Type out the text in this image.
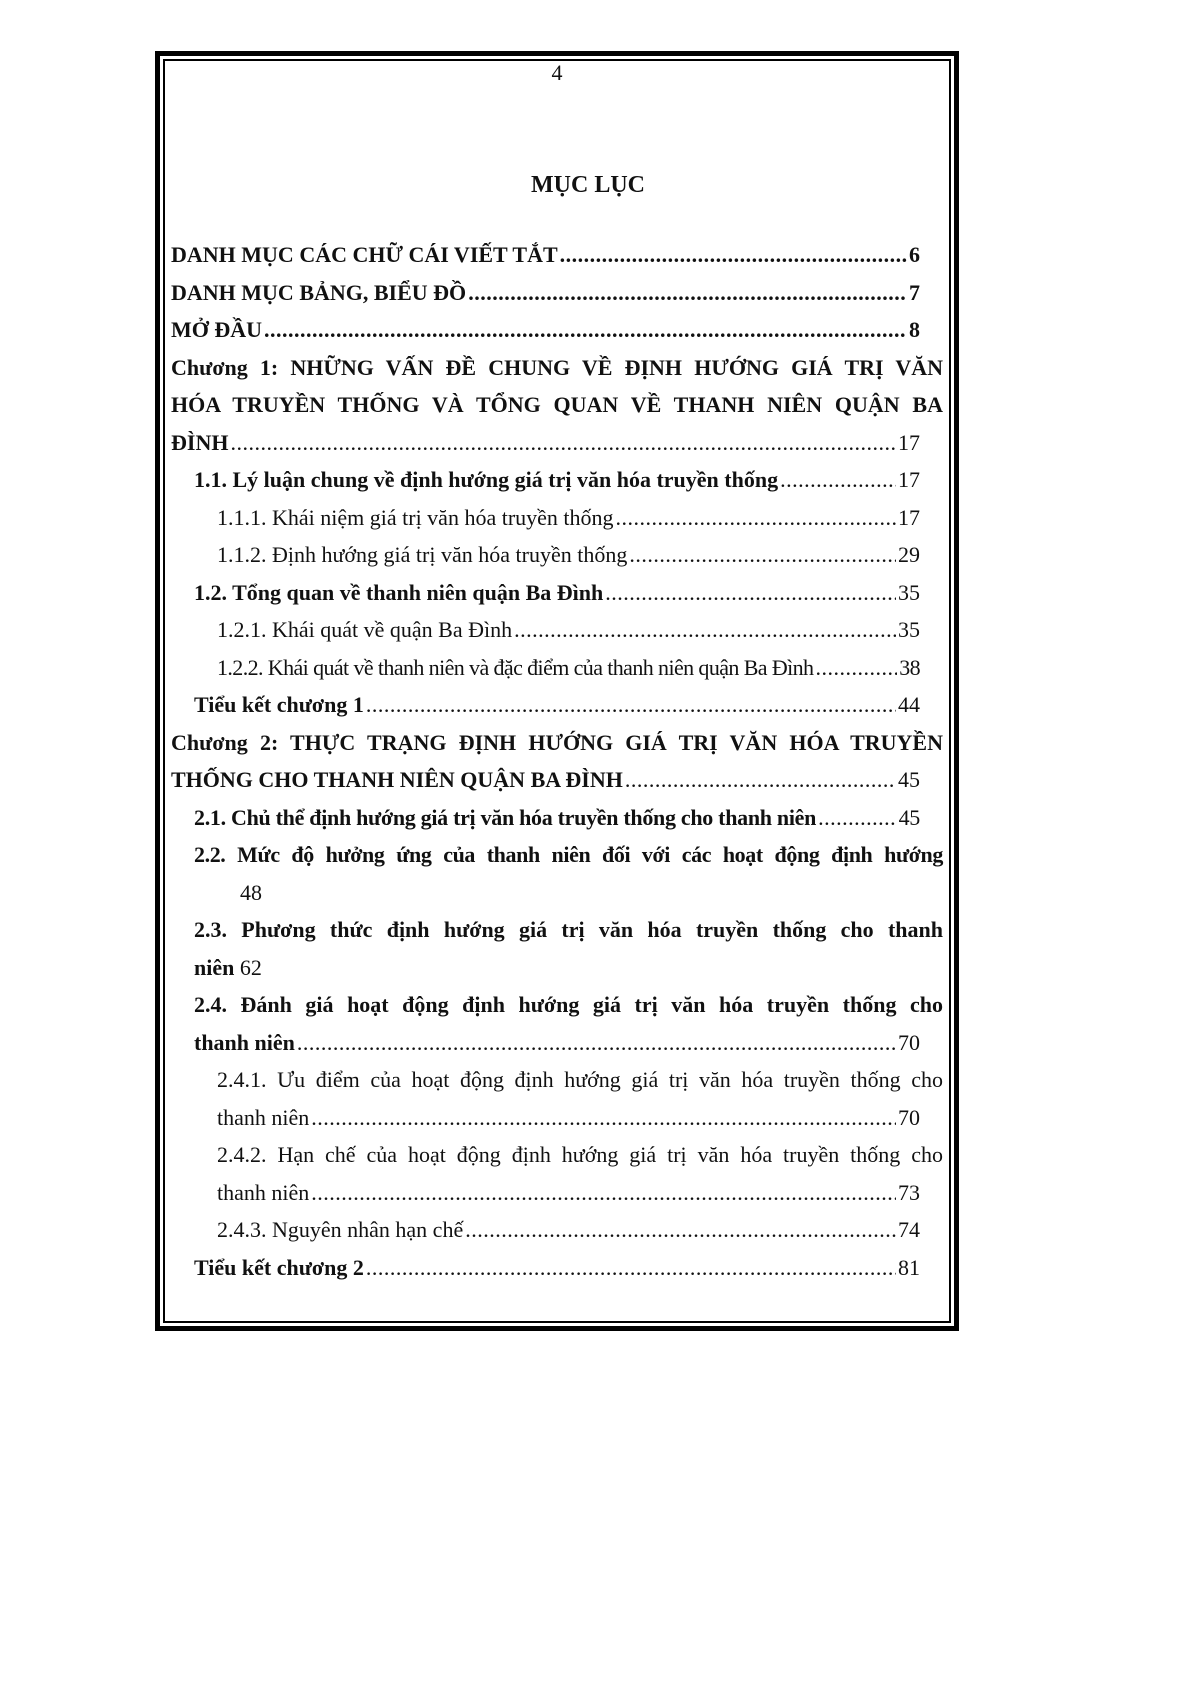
4
MỤC LỤC
DANH MỤC CÁC CHỮ CÁI VIẾT TẮT .....	6
DANH MỤC BẢNG, BIỂU ĐỒ .....	7
MỞ ĐẦU .....	8
Chương 1: NHỮNG VẤN ĐỀ CHUNG VỀ ĐỊNH HƯỚNG GIÁ TRỊ VĂN
HÓA TRUYỀN THỐNG VÀ TỔNG QUAN VỀ THANH NIÊN QUẬN BA
ĐÌNH .....	17
1.1. Lý luận chung về định hướng giá trị văn hóa truyền thống .....	17
1.1.1. Khái niệm giá trị văn hóa truyền thống .....	17
1.1.2. Định hướng giá trị văn hóa truyền thống .....	29
1.2. Tổng quan về thanh niên quận Ba Đình .....	35
1.2.1. Khái quát về quận Ba Đình .....	35
1.2.2. Khái quát về thanh niên và đặc điểm của thanh niên quận Ba Đình .....	38
Tiểu kết chương 1 .....	44
Chương 2: THỰC TRẠNG ĐỊNH HƯỚNG GIÁ TRỊ VĂN HÓA TRUYỀN
THỐNG CHO THANH NIÊN QUẬN BA ĐÌNH .....	45
2.1. Chủ thể định hướng giá trị văn hóa truyền thống cho thanh niên .....	45
2.2. Mức độ hưởng ứng của thanh niên đối với các hoạt động định hướng
48
2.3. Phương thức định hướng giá trị văn hóa truyền thống cho thanh
niên 62
2.4. Đánh giá hoạt động định hướng giá trị văn hóa truyền thống cho
thanh niên .....	70
2.4.1. Ưu điểm của hoạt động định hướng giá trị văn hóa truyền thống cho
thanh niên .....	70
2.4.2. Hạn chế của hoạt động định hướng giá trị văn hóa truyền thống cho
thanh niên .....	73
2.4.3. Nguyên nhân hạn chế .....	74
Tiểu kết chương 2 .....	81
